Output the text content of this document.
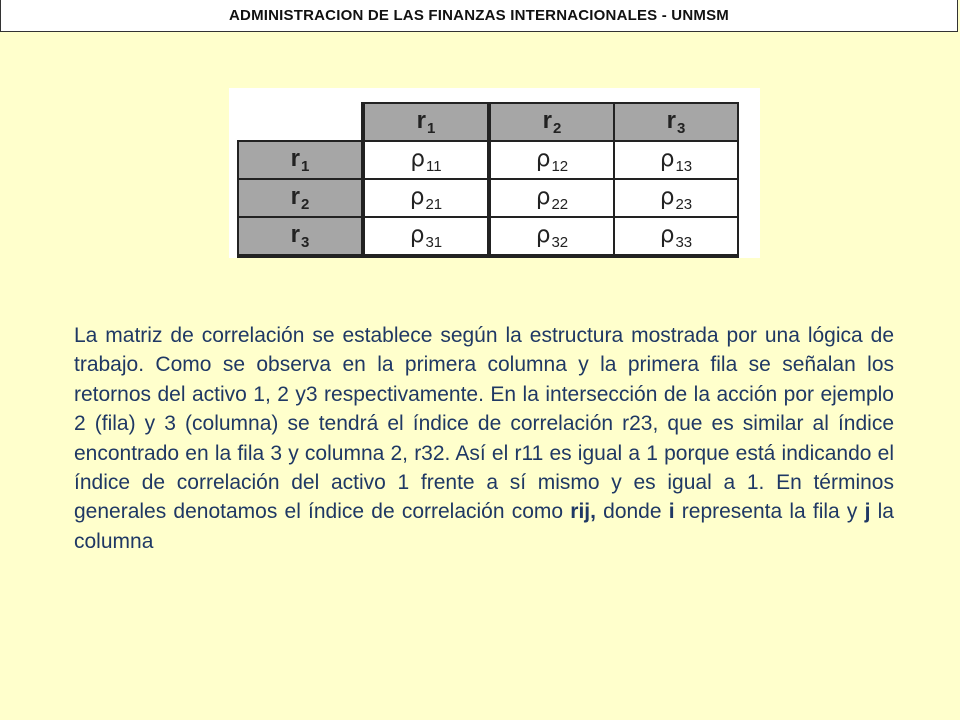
ADMINISTRACION DE LAS FINANZAS INTERNACIONALES - UNMSM
	$r_1$	$r_2$	$r_3$
$r_1$	$\rho_{11}$	$\rho_{12}$	$\rho_{13}$
$r_2$	$\rho_{21}$	$\rho_{22}$	$\rho_{23}$
$r_3$	$\rho_{31}$	$\rho_{32}$	$\rho_{33}$
La matriz de correlación se establece según la estructura mostrada por una lógica de trabajo. Como se observa en la primera columna y la primera fila se señalan los retornos del activo 1, 2 y3 respectivamente. En la intersección de la acción por ejemplo 2 (fila) y 3 (columna) se tendrá el índice de correlación r23, que es similar al índice encontrado en la fila 3 y columna 2, r32. Así el r11 es igual a 1 porque está indicando el índice de correlación del activo 1 frente a sí mismo y es igual a 1. En términos generales denotamos el índice de correlación como rij, donde i representa la fila y j la columna
